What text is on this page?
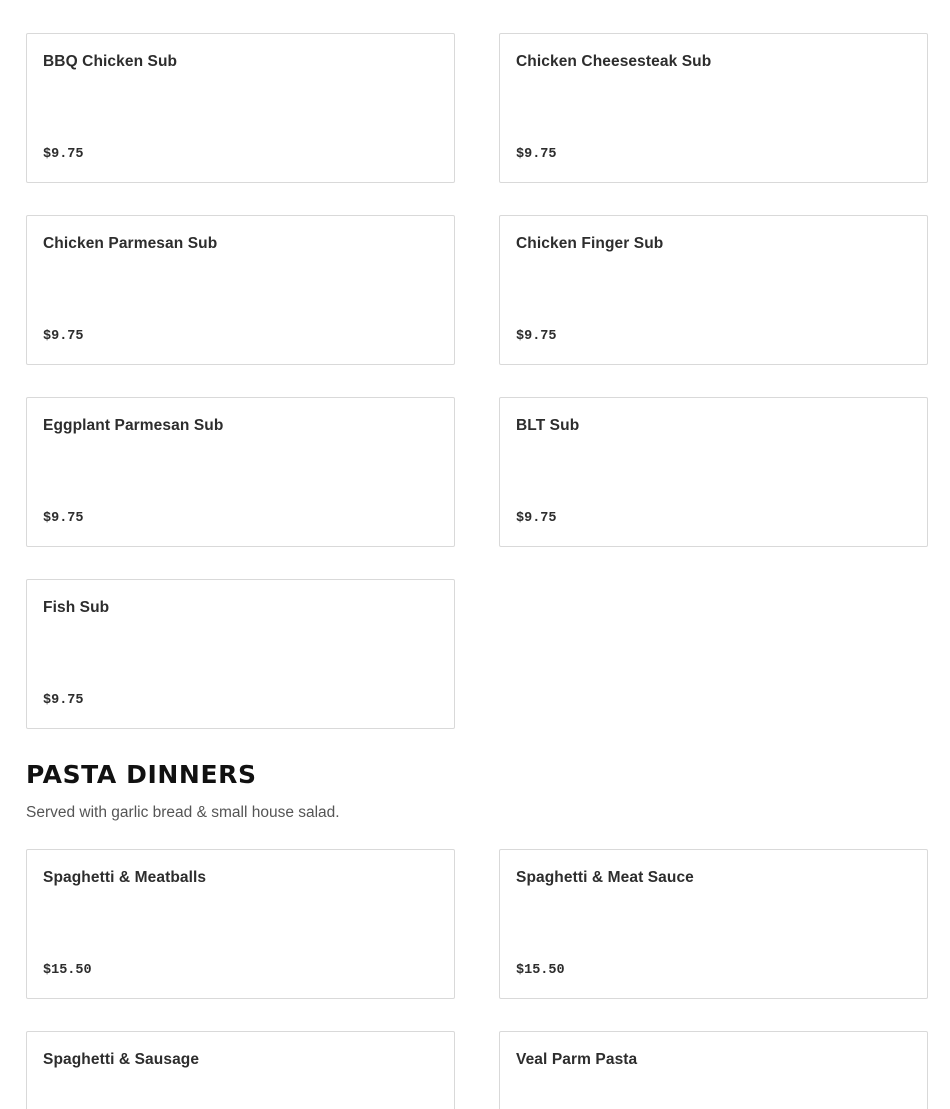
BBQ Chicken Sub
$9.75
Chicken Cheesesteak Sub
$9.75
Chicken Parmesan Sub
$9.75
Chicken Finger Sub
$9.75
Eggplant Parmesan Sub
$9.75
BLT Sub
$9.75
Fish Sub
$9.75
PASTA DINNERS

Served with garlic bread & small house salad.

Spaghetti & Meatballs
$15.50
Spaghetti & Meat Sauce
$15.50
Spaghetti & Sausage	Veal Parm Pasta
